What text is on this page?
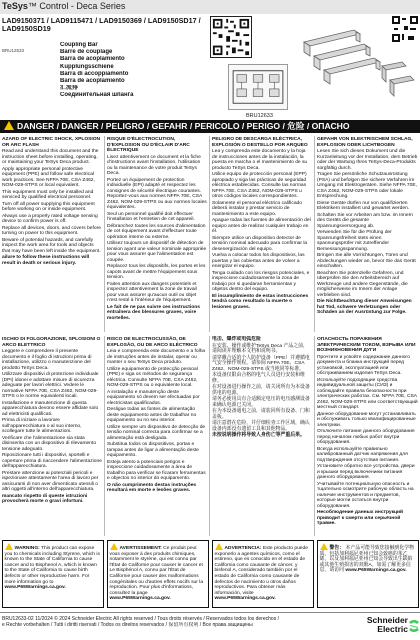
TeSys™ Control - Deca Series
LAD9150371 / LAD9115471 / LAD9150369 / LAD9150SD17 /
LAD9150SD19
BRU12633
Coupling Bar
Barre de couplage
Barra de acoplamiento
Kupplungsschiene
Barra di accoppiamento
Barra de acoplamiento
汇流排
Соединительная шпанга
BRU12633
DANGER / DANGER / PELIGRO / GEFAHR / PERICOLO / PERIGO / 危险 / ОПАСНО

AZARD OF ELECTRIC SHOCK, XPLOSION OR ARC FLASH

Read and understand this document and the instruction sheet before installing, operating, or maintaining your TeSys Deca product.

Apply appropriate personal protective equipment (PPE) and follow safe electrical work practices. See NFPA 70E, CSA Z462, NOM-029-STPS or local equivalent.

This equipment must only be installed and serviced by qualified electrical personnel.

Turn off all power supplying this equipment before working on or inside equipment.

Always use a properly rated voltage sensing device to confirm power is off.

Replace all devices, doors, and covers before turning on power to this equipment.

Beware of potential hazards, and carefully inspect the work area for tools and objects that may have been left inside the equipment.

ailure to follow these instructions will result in death or serious injury.

RISQUE D'ÉLECTROCUTION, D'EXPLOSION OU D'ÉCLAIR D'ARC ÉLECTRIQUE

Lisez attentivement ce document et la fiche d'instructions avant l'installation, l'utilisation ou la maintenance de votre produit TeSys Deca.

Portez un équipement de protection individuelle (EPI) adapté et respectez les consignes de sécurité électrique courantes. Reportez-vous aux normes NFPA 70E, CSA Z462, NOM-029-STPS ou aux normes locales équivalentes.

Seul un personnel qualifié doit effectuer l'installation et l'entretien de cet appareil.

Débranchez toutes les sources d'alimentation de cet équipement avant d'effectuer toute opération interne ou externe.

Utilisez toujours un dispositif de détection de tension ayant une valeur nominale appropriée pour vous assurer que l'alimentation est coupée.

Replacez tous les dispositifs, les portes et les capots avant de mettre l'équipement sous tension.

Faites attention aux dangers potentiels et inspectez attentivement la zone de travail pour vous assurer qu'aucun outil ou objet n'est resté à l'intérieur de l'équipement.

Le fait de ne pas suivre ces instructions entraînera des blessures graves, voire mortelles.

PELIGRO DE DESCARGA ELÉCTRICA, EXPLOSIÓN O DESTELLO POR ARQUEO

Lea y comprenda este documento y la hoja de instrucciones antes de la instalación, la puesta en marcha o el mantenimiento de su producto TeSys Deca.

Utilice equipo de protección personal (EPP) apropiado y siga las prácticas de seguridad eléctrica establecidas. Consulte las normas NFPA 70E, CSA Z462, NOM-029-STPS u otros códigos locales correspondientes.

Solamente el personal eléctrico calificado deberá instalar y prestar servicio de mantenimiento a este equipo.

Apague todas las fuentes de alimentación del equipo antes de realizar cualquier trabajo en él.

Siempre utilice un dispositivo detector de tensión nominal adecuado para confirmar la desenergización del equipo.

Vuelva a colocar todos los dispositivos, las puertas y las cubiertas antes de volver a energizar el equipo.

Tenga cuidado con los riesgos potenciales, e inspeccione cuidadosamente la zona de trabajo por si quedaran herramientas y objetos dentro del equipo.

El incumplimiento de estas instrucciones tendrá como resultado la muerte o lesiones graves.

GEFAHR VON ELEKTRISCHEM SCHLAG, EXPLOSION ODER LICHTBOGEN

Lesen Sie sich dieses Dokument und die Kurzanleitung vor der Installation, dem Betrieb oder der Wartung Ihres TeSys-Deca-Produkts sorgfältig durch.

Tragen Sie persönliche Schutzausrüstung (PSA) und befolgen Sie sichere Verfahren im Umgang mit Elektrogeräten. Siehe NFPA 70E, CSA Z462, NOM-029-STPS oder lokale Entsprechung.

Diese Geräte dürfen nur von qualifizierten Elektrikern installiert und gewartet werden.

Schalten Sie vor Arbeiten am bzw. im Innern des Geräts die gesamte Spannungsversorgung ab.

Verwenden Sie für die Prüfung der Spannungsfreiheit stets einen spannungsprüfer mit zutreffender Bemessungsspannung.

Bringen Sie alle Vorrichtungen, Türen und Abdeckungen wieder an, bevor Sie das Gerät einschalten.

Beachten Sie potenzielle Gefahren, und überprüfen Sie den Arbeitsbereich auf Werkzeuge und andere Gegenstände, die möglicherweise im Innern der Anlage verblieben sind.

Die Nichtbeachtung dieser Anweisungen hat Tod, schwere Verletzungen oder Schäden an der Ausrüstung zur Folge.

ISCHIO DI FOLGORAZIONE, SPLOSIONI O ARCO ELETTRICO

Leggere e comprendere il presente documento e il foglio di istruzioni prima di installazione, utilizzo o manutenzione del prodotto TeSys Deca.

Utilizzare dispositivi di protezione individuale (DPI) idonei e adottare misure di sicurezza adeguate per lavori elettrici. Vedere le normative NFPA 70E, CSA Z462, NOM-029-STPS o le norme equivalenti locali.

Installazione e manutenzione di questa apparecchiatura devono essere affidate solo ad elettricisti qualificati.

Prima di iniziare a lavorare sull'apparecchiatura o al suo interno, scollegare tutte le alimentazioni.

Verificare che l'alimentazione sia stata disinserita con un dispositivo di rilevamento tensione adeguato.

Riposizionare tutti i dispositivi, sportelli e coperture prima di riaccendere l'alimentazione dell'apparecchiatura.

Prestare attenzione ai potenziali pericoli e ispezionare attentamente l'area di lavoro per assicurarsi di non aver dimenticato utensili o altri oggetti all'interno dell'apparecchiatura.

mancato rispetto di queste istruzioni provocherà morte o gravi infortuni.

RISCO DE ELECTROCUSSÃO, DE EXPLOSÃO, OU DE ARCO ELÉCTRICO

Leia e compreenda este documento e a folha de instruções antes de instalar, operar ou manter o seu TeSys Deca produto.

Utilize equipamento de protecção pessoal (PPE) e siga os métodos de segurança eléctrica. Consulte NFPA 70E, CSA Z462, NOM-029-STPS ou o equivalente local.

A instalação e manutenção deste equipamento só devem ser efectuadas por electricistas qualificados.

Desligue todas as fontes de alimentação deste equipamento antes de trabalhar no equipamento ou no seu interior.

Utilize sempre um dispositivo de detecção de tensão nominal correcta para confirmar se a alimentação está desligada.

Substitua todos os dispositivos, portas e tampas antes de ligar a alimentação deste equipamento.

Esteja atento a potenciais perigos e inspeccione cuidadosamente a área de trabalho para verificar se ficaram ferramentas e objectos no interior do equipamento.

O não cumprimento destas instruções resultará em morte e lesões graves.

电击、爆炸或电弧危险

在安装、操作或维护TeSys Deca 产品之前，请阅读并理解本文档和说明书。

请穿戴合适的个人防护设备（PPE）并遵循电气安全操作规程。请参阅 NFPA 70E、CSA Z462、NOM-029-STPS 或当地同等标准。

本设备仅限由合格的电气人员进行安装和维修。

在对设备进行操作之前，请关闭所有为本设备供电的电源。

请务必使用具有合适额定电压的电压感测设备来确认电源已关闭。

在为本设备通电之前，请装回所有设备、门和盖板。

请注意潜在危险，并仔细检查工作区域，确认设备内部没有遗留工具和其他物品。

未按说明操作将导致人身伤亡等严重后果。

ОПАСНОСТЬ ПОРАЖЕНИЯ ЭЛЕКТРИЧЕСКИМ ТОКОМ, ВЗРЫВА ИЛИ ВОЗНИКНОВЕНИЯ ДУГИ

Прочтите и усвойте содержание данного документа и бланка инструкций перед установкой, эксплуатацией или обслуживанием изделия TeSys Deca.

Используйте подходящие средства индивидуальной защиты (СИЗ) и соблюдайте правила безопасности при электрических работах. См. NFPA 70E, CSA Z462, NOM-029-STPS или соответствующий местный стандарт.

Данное оборудование могут устанавливать и обслуживать только квалифицированные электрики.

Отключите питание данного оборудования перед началом любых работ внутри оборудования.

Всегда используйте правильно калиброванный датчик напряжения для подтверждения отсутствия питания.

Установите обратно все устройства, двери и крышки перед включением питания данного оборудования.

Учитывайте потенциальную опасность и тщательно осмотрите рабочую область на наличие инструментов и предметов, которые могли остаться внутри оборудования.

Несоблюдение данных инструкций приводит к смерти или серьёзной травме.

WARNING: This product can expose you to chemicals including Styrene, which is known to the State of California to cause cancer and to Bisphenol A, which is known to the State of California to cause birth defects or other reproductive harm. For more information go to www.P65Warnings.ca.gov.
AVERTISSEMENT: Ce produit peut vous exposer à des produits chimiques, notamment le styrène, qui est connu par l'État de Californie pour causer le cancer et Le Bisphénol A, connu par l'État de Californie pour causer des malformations congénitales ou d'autres effets nocifs sur la reproduction. Pour plus d'informations, consultez la page www.P65Warnings.ca.gov.
ADVERTENCIA: Este producto puede exponerlo a agentes químicos, como el estireno, que es conocido en el estado de California como causante de cáncer, y bisfenol A, considerado también por el estado de California como causante de defectos de nacimiento u otros daños reproductivos. Para obtener más información, visite www.P65Warnings.ca.gov.
警告： 本产品可能导致您接触到化学物质，包括加利福尼亚州已知会致癌的苯乙烯，以及加利福尼亚州已知会导致出生缺陷或其他生殖损害的双酚A。如需了解更多信息，请访问 www.P65Warnings.ca.gov.
BRU12633-02 11/2024 © 2024 Schneider Electric All rights reserved / Tous droits réservés / Reservados todos los derechos /
e Rechte vorbehalten / Tutti i diritti riservati / Todos os direitos reservados / 保留所有权利 / Все права защищены	Schneider
Electric
